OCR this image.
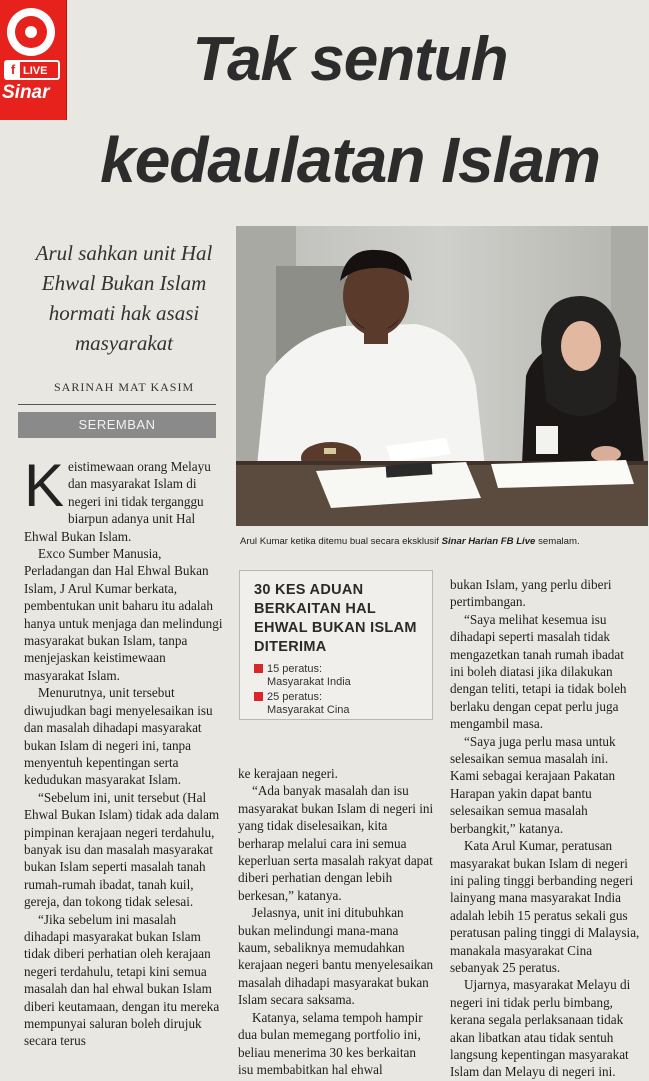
f LIVE
Sinar	Tak sentuh
kedaulatan Islam
Arul sahkan unit Hal Ehwal Bukan Islam hormati hak asasi masyarakat
SARINAH MAT KASIM
SEREMBAN
Arul Kumar ketika ditemu bual secara eksklusif Sinar Harian FB Live semalam.

Keistimewaan orang Melayu dan masyarakat Islam di negeri ini tidak terganggu biarpun adanya unit Hal Ehwal Bukan Islam.

Exco Sumber Manusia, Perladangan dan Hal Ehwal Bukan Islam, J Arul Kumar berkata, pembentukan unit baharu itu adalah hanya untuk menjaga dan melindungi masyarakat bukan Islam, tanpa menjejaskan keistimewaan masyarakat Islam.

Menurutnya, unit tersebut diwujudkan bagi menyelesaikan isu dan masalah dihadapi masyarakat bukan Islam di negeri ini, tanpa menyentuh kepentingan serta kedudukan masyarakat Islam.

“Sebelum ini, unit tersebut (Hal Ehwal Bukan Islam) tidak ada dalam pimpinan kerajaan negeri terdahulu, banyak isu dan masalah masyarakat bukan Islam seperti masalah tanah rumah-rumah ibadat, tanah kuil, gereja, dan tokong tidak selesai.

“Jika sebelum ini masalah dihadapi masyarakat bukan Islam tidak diberi perhatian oleh kerajaan negeri terdahulu, tetapi kini semua masalah dan hal ehwal bukan Islam diberi keutamaan, dengan itu mereka mempunyai saluran boleh dirujuk secara terus

30 KES ADUAN BERKAITAN HAL EHWAL BUKAN ISLAM DITERIMA
15 peratus:
Masyarakat India
25 peratus:
Masyarakat Cina

ke kerajaan negeri.

“Ada banyak masalah dan isu masyarakat bukan Islam di negeri ini yang tidak diselesaikan, kita berharap melalui cara ini semua keperluan serta masalah rakyat dapat diberi perhatian dengan lebih berkesan,” katanya.

Jelasnya, unit ini ditubuhkan bukan melindungi mana-mana kaum, sebaliknya memudahkan kerajaan negeri bantu menyelesaikan masalah dihadapi masyarakat bukan Islam secara saksama.

Katanya, selama tempoh hampir dua bulan memegang portfolio ini, beliau menerima 30 kes berkaitan isu membabitkan hal ehwal

bukan Islam, yang perlu diberi pertimbangan.

“Saya melihat kesemua isu dihadapi seperti masalah tidak mengazetkan tanah rumah ibadat ini boleh diatasi jika dilakukan dengan teliti, tetapi ia tidak boleh berlaku dengan cepat perlu juga mengambil masa.

“Saya juga perlu masa untuk selesaikan semua masalah ini. Kami sebagai kerajaan Pakatan Harapan yakin dapat bantu selesaikan semua masalah berbangkit,” katanya.

Kata Arul Kumar, peratusan masyarakat bukan Islam di negeri ini paling tinggi berbanding negeri lainyang mana masyarakat India adalah lebih 15 peratus sekali gus peratusan paling tinggi di Malaysia, manakala masyarakat Cina sebanyak 25 peratus.

Ujarnya, masyarakat Melayu di negeri ini tidak perlu bimbang, kerana segala perlaksanaan tidak akan libatkan atau tidak sentuh langsung kepentingan masyarakat Islam dan Melayu di negeri ini.
